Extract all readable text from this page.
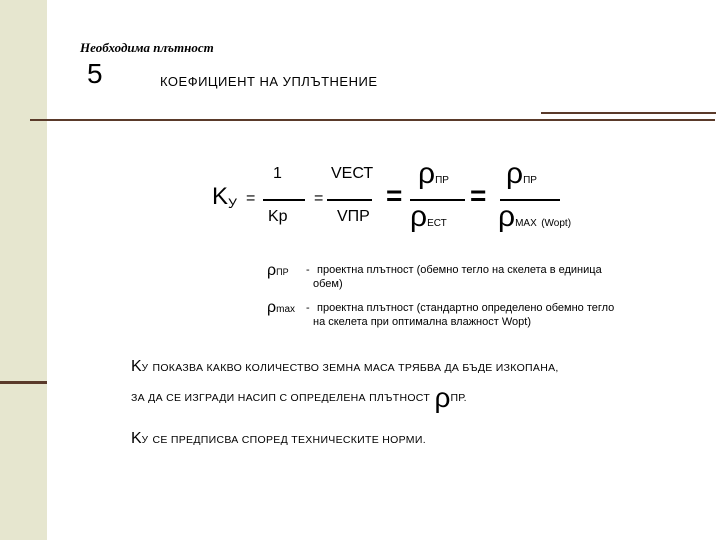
Необходима плътност
5	КОЕФИЦИЕНТ НА УПЛЪТНЕНИЕ
$K_У$ =
1
Kр
=
VЕСТ
VПР
=
ρПР
ρЕСТ
=
ρПР
ρMAX (Wopt)
ρПР - проектна плътност (обемно тегло на скелета в единица
обем)
ρmax - проектна плътност (стандартно определено обемно тегло
на скелета при оптимална влажност Wopt)
KУ ПОКАЗВА КАКВО КОЛИЧЕСТВО ЗЕМНА МАСА ТРЯБВА ДА БЪДЕ ИЗКОПАНА,
ЗА ДА СЕ ИЗГРАДИ НАСИП С ОПРЕДЕЛЕНА ПЛЪТНОСТ ρПР.
KУ СЕ ПРЕДПИСВА СПОРЕД ТЕХНИЧЕСКИТЕ НОРМИ.
